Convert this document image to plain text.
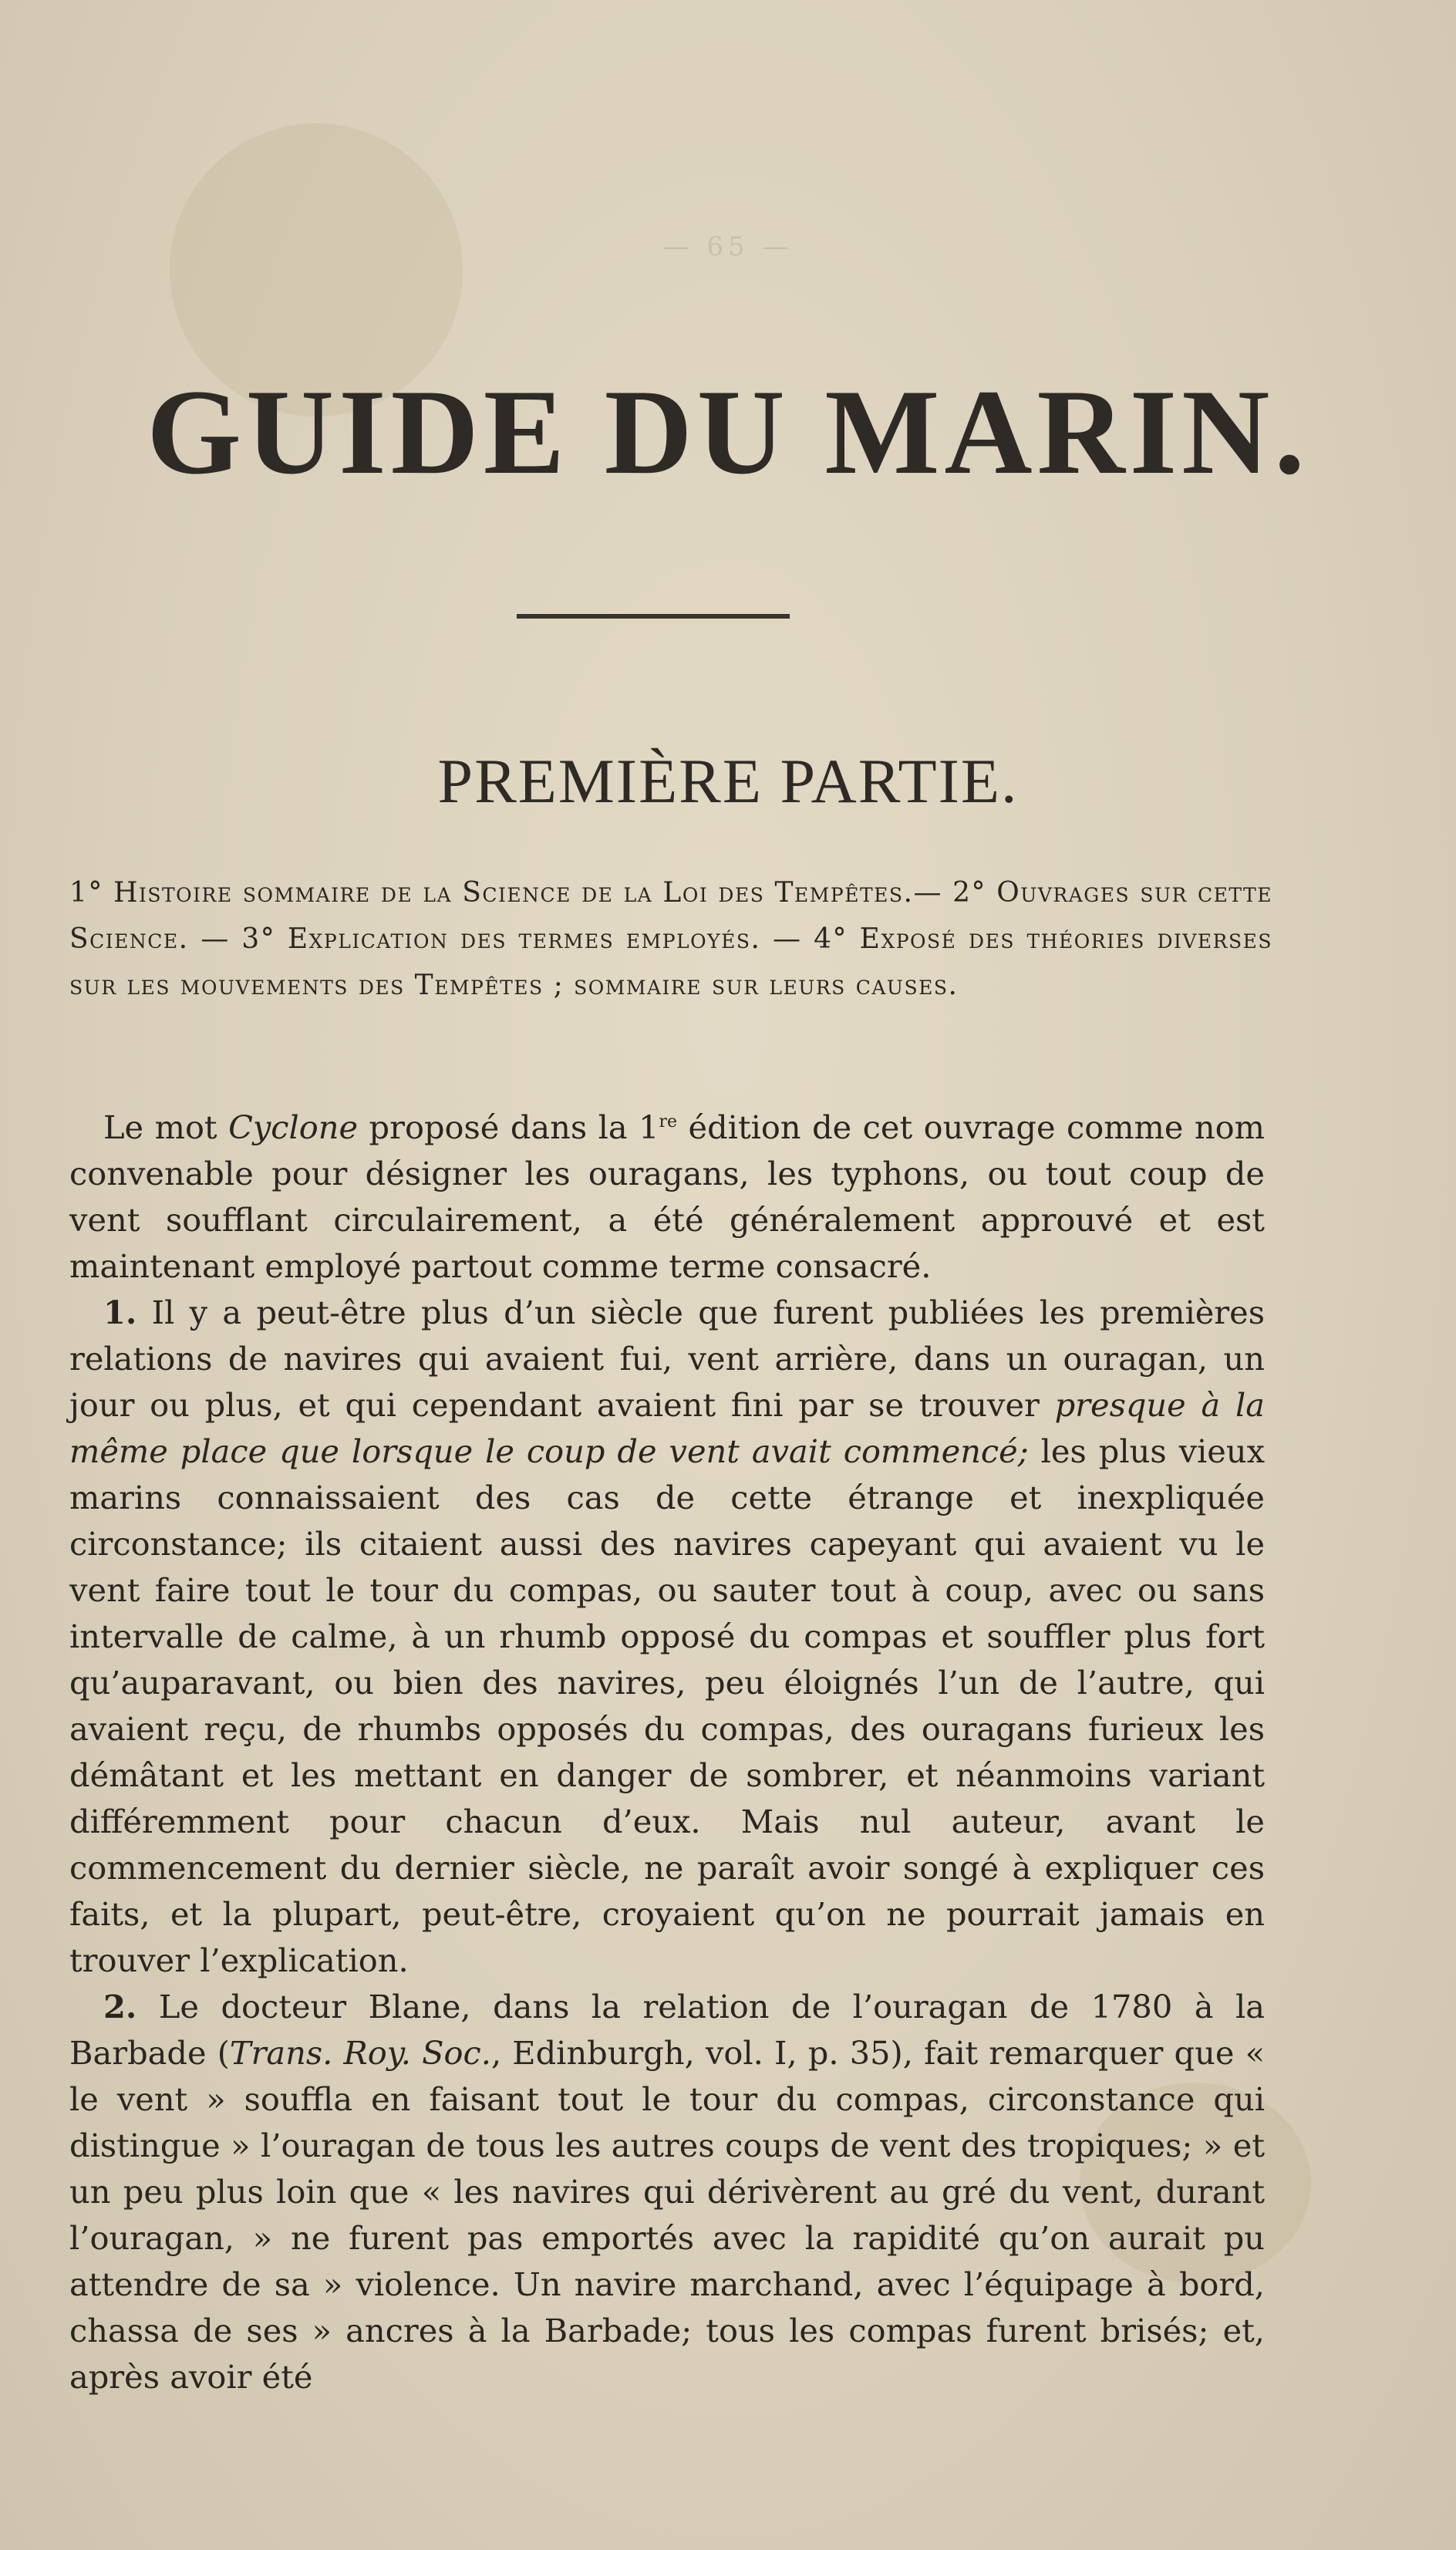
— 65 —
GUIDE DU MARIN.
PREMIÈRE PARTIE.
1° Histoire sommaire de la Science de la Loi des Tempêtes.— 2° Ouvrages sur cette Science. — 3° Explication des termes employés. — 4° Exposé des théories diverses sur les mouvements des Tempêtes ; sommaire sur leurs causes.

Le mot Cyclone proposé dans la 1re édition de cet ouvrage comme nom convenable pour désigner les ouragans, les typhons, ou tout coup de vent soufflant circulairement, a été généralement approuvé et est maintenant employé partout comme terme consacré.

1. Il y a peut-être plus d’un siècle que furent publiées les premières relations de navires qui avaient fui, vent arrière, dans un ouragan, un jour ou plus, et qui cependant avaient fini par se trouver presque à la même place que lorsque le coup de vent avait commencé; les plus vieux marins connaissaient des cas de cette étrange et inexpliquée circonstance; ils citaient aussi des navires capeyant qui avaient vu le vent faire tout le tour du compas, ou sauter tout à coup, avec ou sans intervalle de calme, à un rhumb opposé du compas et souffler plus fort qu’auparavant, ou bien des navires, peu éloignés l’un de l’autre, qui avaient reçu, de rhumbs opposés du compas, des ouragans furieux les démâtant et les mettant en danger de sombrer, et néanmoins variant différemment pour chacun d’eux. Mais nul auteur, avant le commencement du dernier siècle, ne paraît avoir songé à expliquer ces faits, et la plupart, peut-être, croyaient qu’on ne pourrait jamais en trouver l’explication.

2. Le docteur Blane, dans la relation de l’ouragan de 1780 à la Barbade (Trans. Roy. Soc., Edinburgh, vol. I, p. 35), fait remarquer que « le vent » souffla en faisant tout le tour du compas, circonstance qui distingue » l’ouragan de tous les autres coups de vent des tropiques; » et un peu plus loin que « les navires qui dérivèrent au gré du vent, durant l’ouragan, » ne furent pas emportés avec la rapidité qu’on aurait pu attendre de sa » violence. Un navire marchand, avec l’équipage à bord, chassa de ses » ancres à la Barbade; tous les compas furent brisés; et, après avoir été
